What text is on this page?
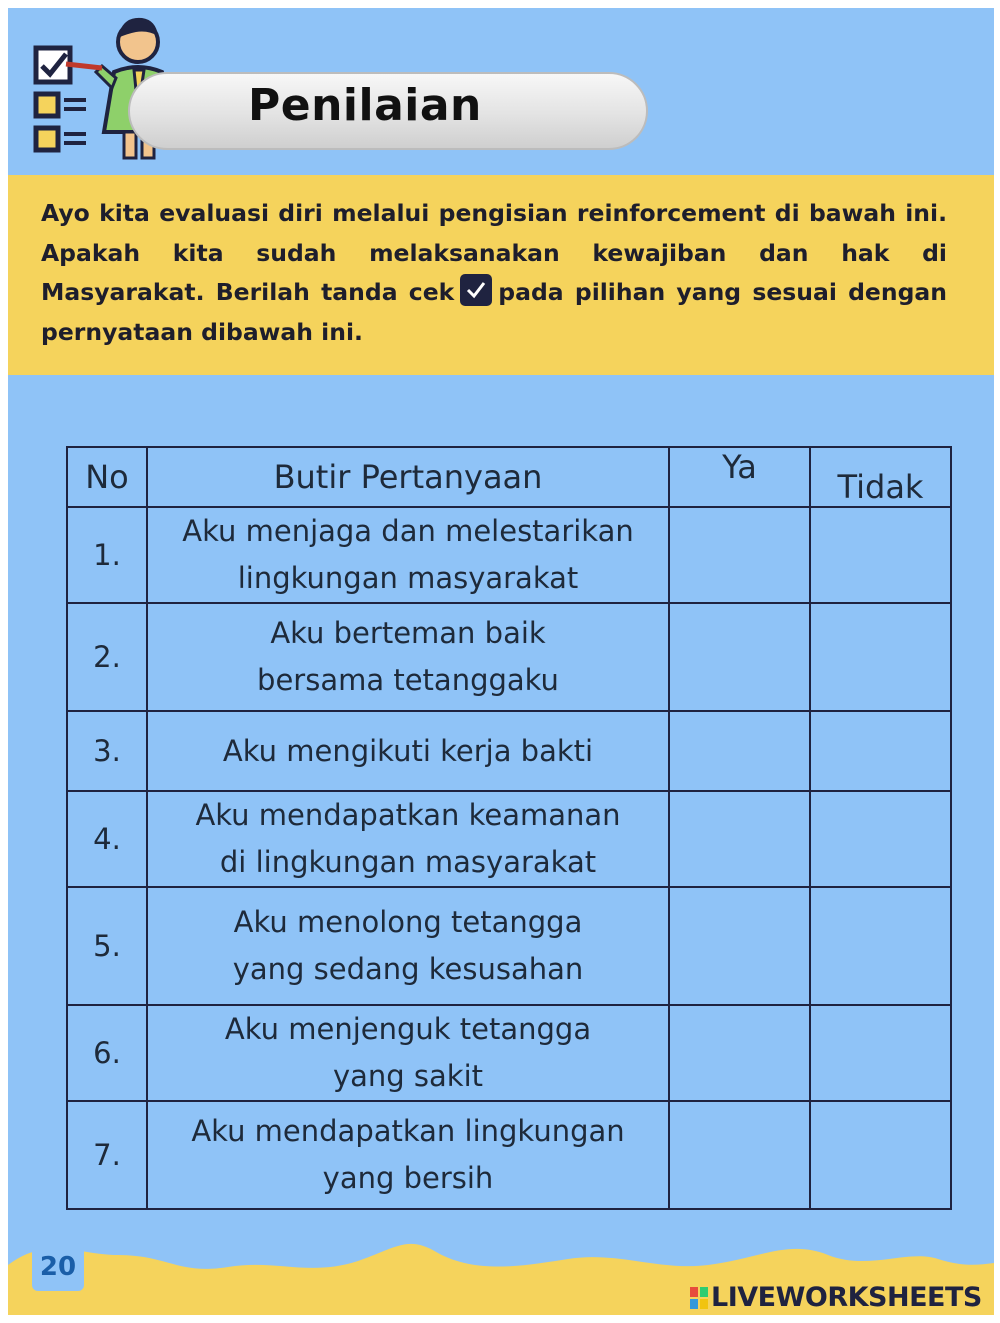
Penilaian
Ayo kita evaluasi diri melalui pengisian reinforcement di bawah ini. Apakah kita sudah melaksanakan kewajiban dan hak di Masyarakat. Berilah tanda cek pada pilihan yang sesuai dengan pernyataan dibawah ini.
No	Butir Pertanyaan	Ya	Tidak
1.	Aku menjaga dan melestarikan
lingkungan masyarakat		

2.	Aku berteman baik
bersama tetanggaku		

3.	Aku mengikuti kerja bakti		

4.	Aku mendapatkan keamanan
di lingkungan masyarakat		

5.	Aku menolong tetangga
yang sedang kesusahan		

6.	Aku menjenguk tetangga
yang sakit		

7.	Aku mendapatkan lingkungan
yang bersih		

20
LIVEWORKSHEETS
